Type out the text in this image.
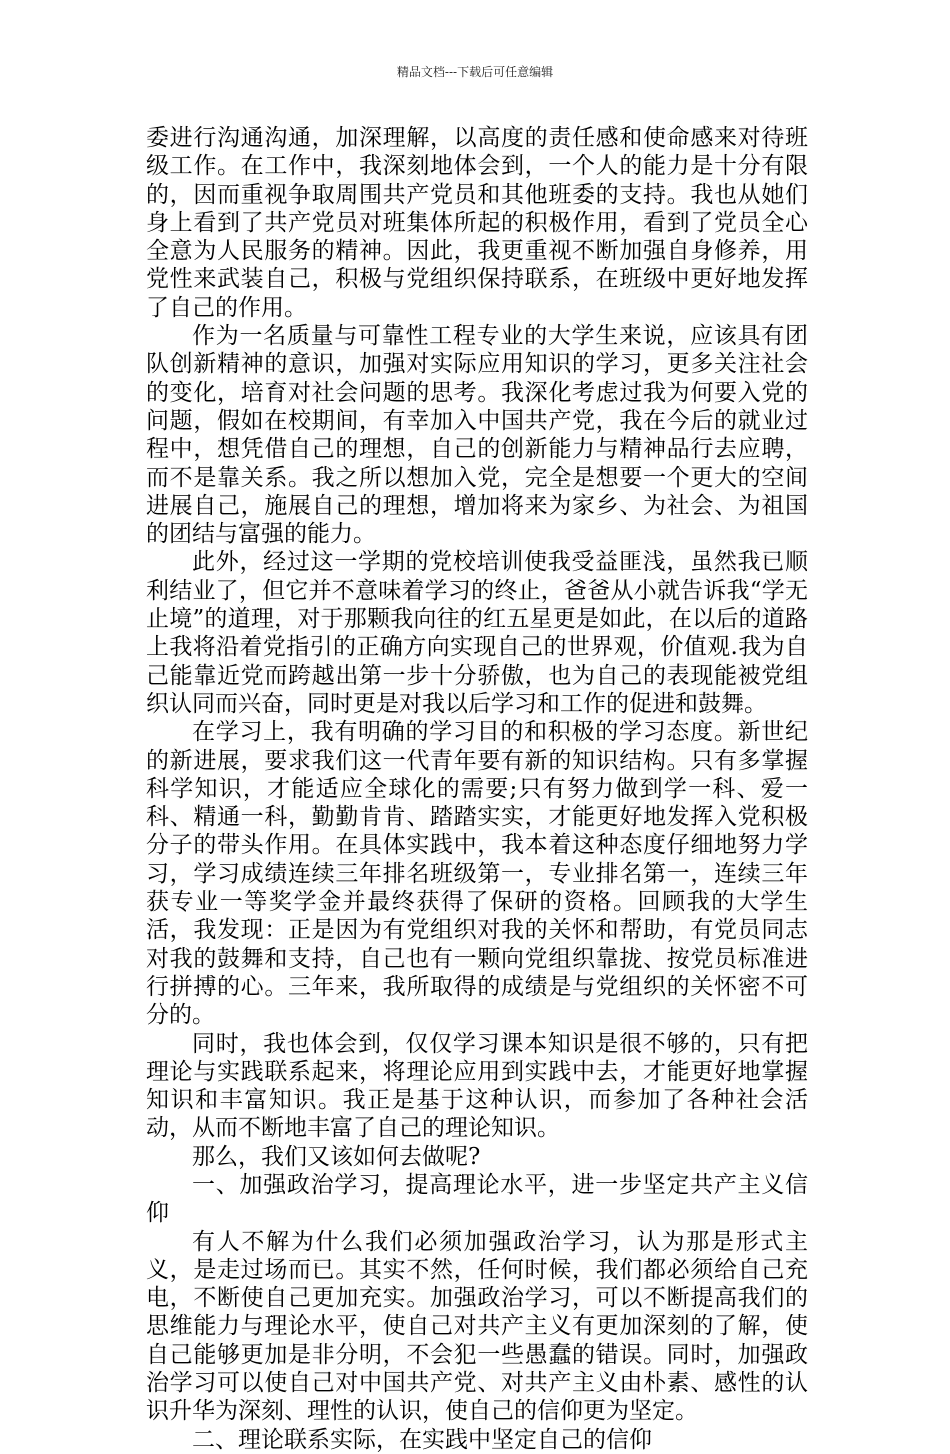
精品文档---下载后可任意编辑

委进行沟通沟通，加深理解，以高度的责任感和使命感来对待班级工作。在工作中，我深刻地体会到，一个人的能力是十分有限的，因而重视争取周围共产党员和其他班委的支持。我也从她们身上看到了共产党员对班集体所起的积极作用，看到了党员全心全意为人民服务的精神。因此，我更重视不断加强自身修养，用党性来武装自己，积极与党组织保持联系，在班级中更好地发挥了自己的作用。

作为一名质量与可靠性工程专业的大学生来说，应该具有团队创新精神的意识，加强对实际应用知识的学习，更多关注社会的变化，培育对社会问题的思考。我深化考虑过我为何要入党的问题，假如在校期间，有幸加入中国共产党，我在今后的就业过程中，想凭借自己的理想，自己的创新能力与精神品行去应聘，而不是靠关系。我之所以想加入党，完全是想要一个更大的空间进展自己，施展自己的理想，增加将来为家乡、为社会、为祖国的团结与富强的能力。

此外，经过这一学期的党校培训使我受益匪浅，虽然我已顺利结业了，但它并不意味着学习的终止，爸爸从小就告诉我“学无止境”的道理，对于那颗我向往的红五星更是如此，在以后的道路上我将沿着党指引的正确方向实现自己的世界观，价值观.我为自己能靠近党而跨越出第一步十分骄傲，也为自己的表现能被党组织认同而兴奋，同时更是对我以后学习和工作的促进和鼓舞。

在学习上，我有明确的学习目的和积极的学习态度。新世纪的新进展，要求我们这一代青年要有新的知识结构。只有多掌握科学知识，才能适应全球化的需要;只有努力做到学一科、爱一科、精通一科，勤勤肯肯、踏踏实实，才能更好地发挥入党积极分子的带头作用。在具体实践中，我本着这种态度仔细地努力学习，学习成绩连续三年排名班级第一，专业排名第一，连续三年获专业一等奖学金并最终获得了保研的资格。回顾我的大学生活，我发现：正是因为有党组织对我的关怀和帮助，有党员同志对我的鼓舞和支持，自己也有一颗向党组织靠拢、按党员标准进行拼搏的心。三年来，我所取得的成绩是与党组织的关怀密不可分的。

同时，我也体会到，仅仅学习课本知识是很不够的，只有把理论与实践联系起来，将理论应用到实践中去，才能更好地掌握知识和丰富知识。我正是基于这种认识，而参加了各种社会活动，从而不断地丰富了自己的理论知识。

那么，我们又该如何去做呢?

一、加强政治学习，提高理论水平，进一步坚定共产主义信仰

有人不解为什么我们必须加强政治学习，认为那是形式主义，是走过场而已。其实不然，任何时候，我们都必须给自己充电，不断使自己更加充实。加强政治学习，可以不断提高我们的思维能力与理论水平，使自己对共产主义有更加深刻的了解，使自己能够更加是非分明，不会犯一些愚蠢的错误。同时，加强政治学习可以使自己对中国共产党、对共产主义由朴素、感性的认识升华为深刻、理性的认识，使自己的信仰更为坚定。

二、理论联系实际，在实践中坚定自己的信仰
